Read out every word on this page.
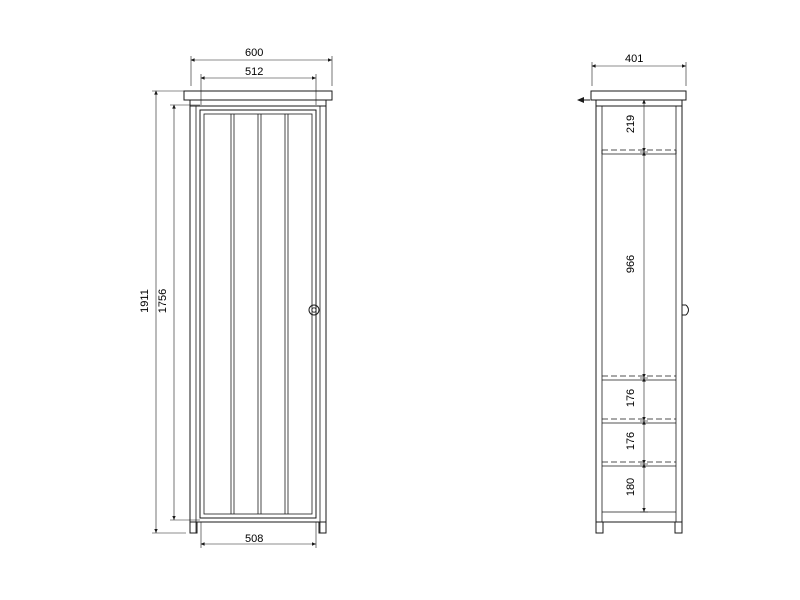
600
512
508
1911 1756
401
219
966
176
176
180
